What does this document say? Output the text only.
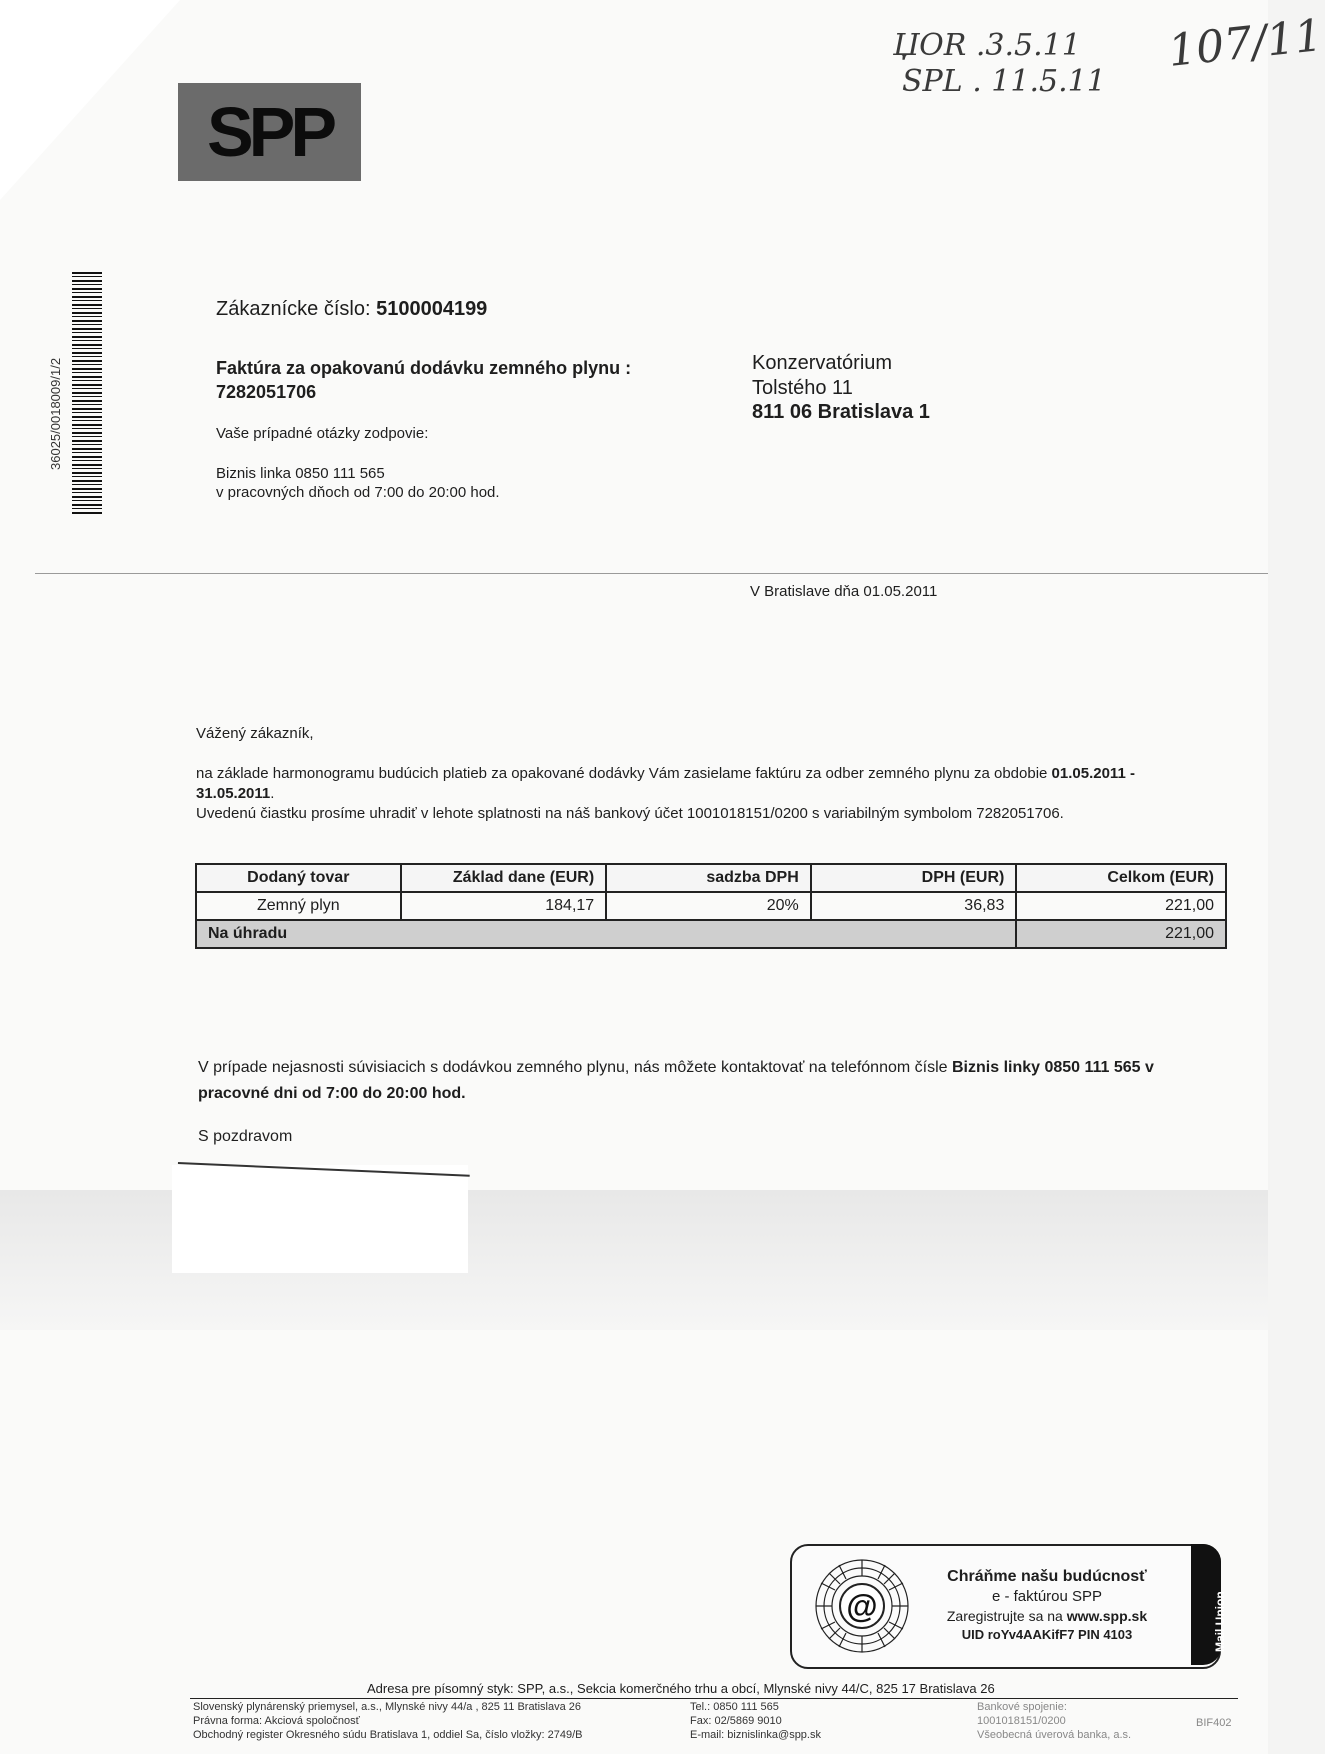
ЏOR .3.5.11
SPL . 11.5.11
107/11
SPP
36025/0018009/1/2
Zákaznícke číslo: 5100004199
Faktúra za opakovanú dodávku zemného plynu :
7282051706
Vaše prípadné otázky zodpovie:
Biznis linka 0850 111 565
v pracovných dňoch od 7:00 do 20:00 hod.
Konzervatórium
Tolstého 11
811 06 Bratislava 1
V Bratislave dňa 01.05.2011
Vážený zákazník,
na základe harmonogramu budúcich platieb za opakované dodávky Vám zasielame faktúru za odber zemného plynu za obdobie 01.05.2011 -
31.05.2011.
Uvedenú čiastku prosíme uhradiť v lehote splatnosti na náš bankový účet 1001018151/0200 s variabilným symbolom 7282051706.
Dodaný tovar	Základ dane (EUR)	sadzba DPH	DPH (EUR)	Celkom (EUR)
Zemný plyn	184,17	20%	36,83	221,00
Na úhradu				221,00
V prípade nejasnosti súvisiacich s dodávkou zemného plynu, nás môžete kontaktovať na telefónnom čísle Biznis linky 0850 111 565 v
pracovné dni od 7:00 do 20:00 hod.
S pozdravom
@
Chráňme našu budúcnosť
e - faktúrou SPP
Zaregistrujte sa na www.spp.sk
UID roYv4AAKifF7 PIN 4103	Mail Union
Adresa pre písomný styk: SPP, a.s., Sekcia komerčného trhu a obcí, Mlynské nivy 44/C, 825 17 Bratislava 26
Slovenský plynárenský priemysel, a.s., Mlynské nivy 44/a , 825 11 Bratislava 26
Právna forma: Akciová spoločnosť
Obchodný register Okresného súdu Bratislava 1, oddiel Sa, číslo vložky: 2749/B
Tel.: 0850 111 565
Fax: 02/5869 9010
E-mail: biznislinka@spp.sk
Bankové spojenie:
1001018151/0200
Všeobecná úverová banka, a.s.
BIF402
